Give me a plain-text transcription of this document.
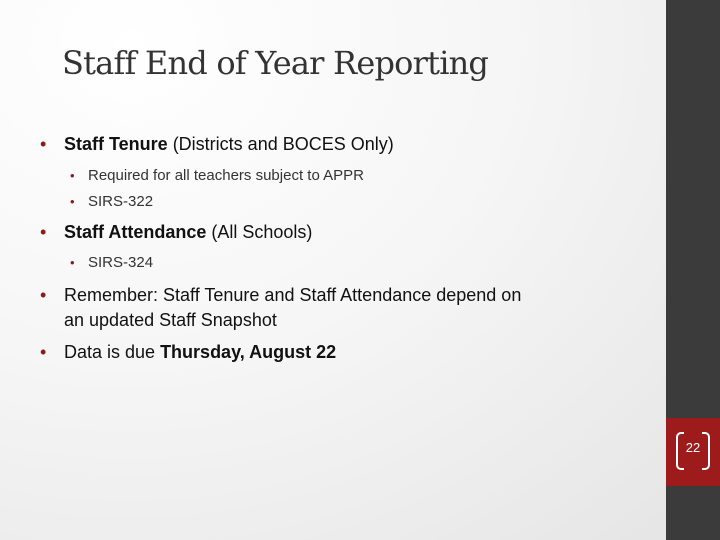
22
Staff End of Year Reporting
• Staff Tenure (Districts and BOCES Only)
• Required for all teachers subject to APPR
• SIRS-322
• Staff Attendance (All Schools)
• SIRS-324
• Remember: Staff Tenure and Staff Attendance depend on
an updated Staff Snapshot
• Data is due Thursday, August 22
